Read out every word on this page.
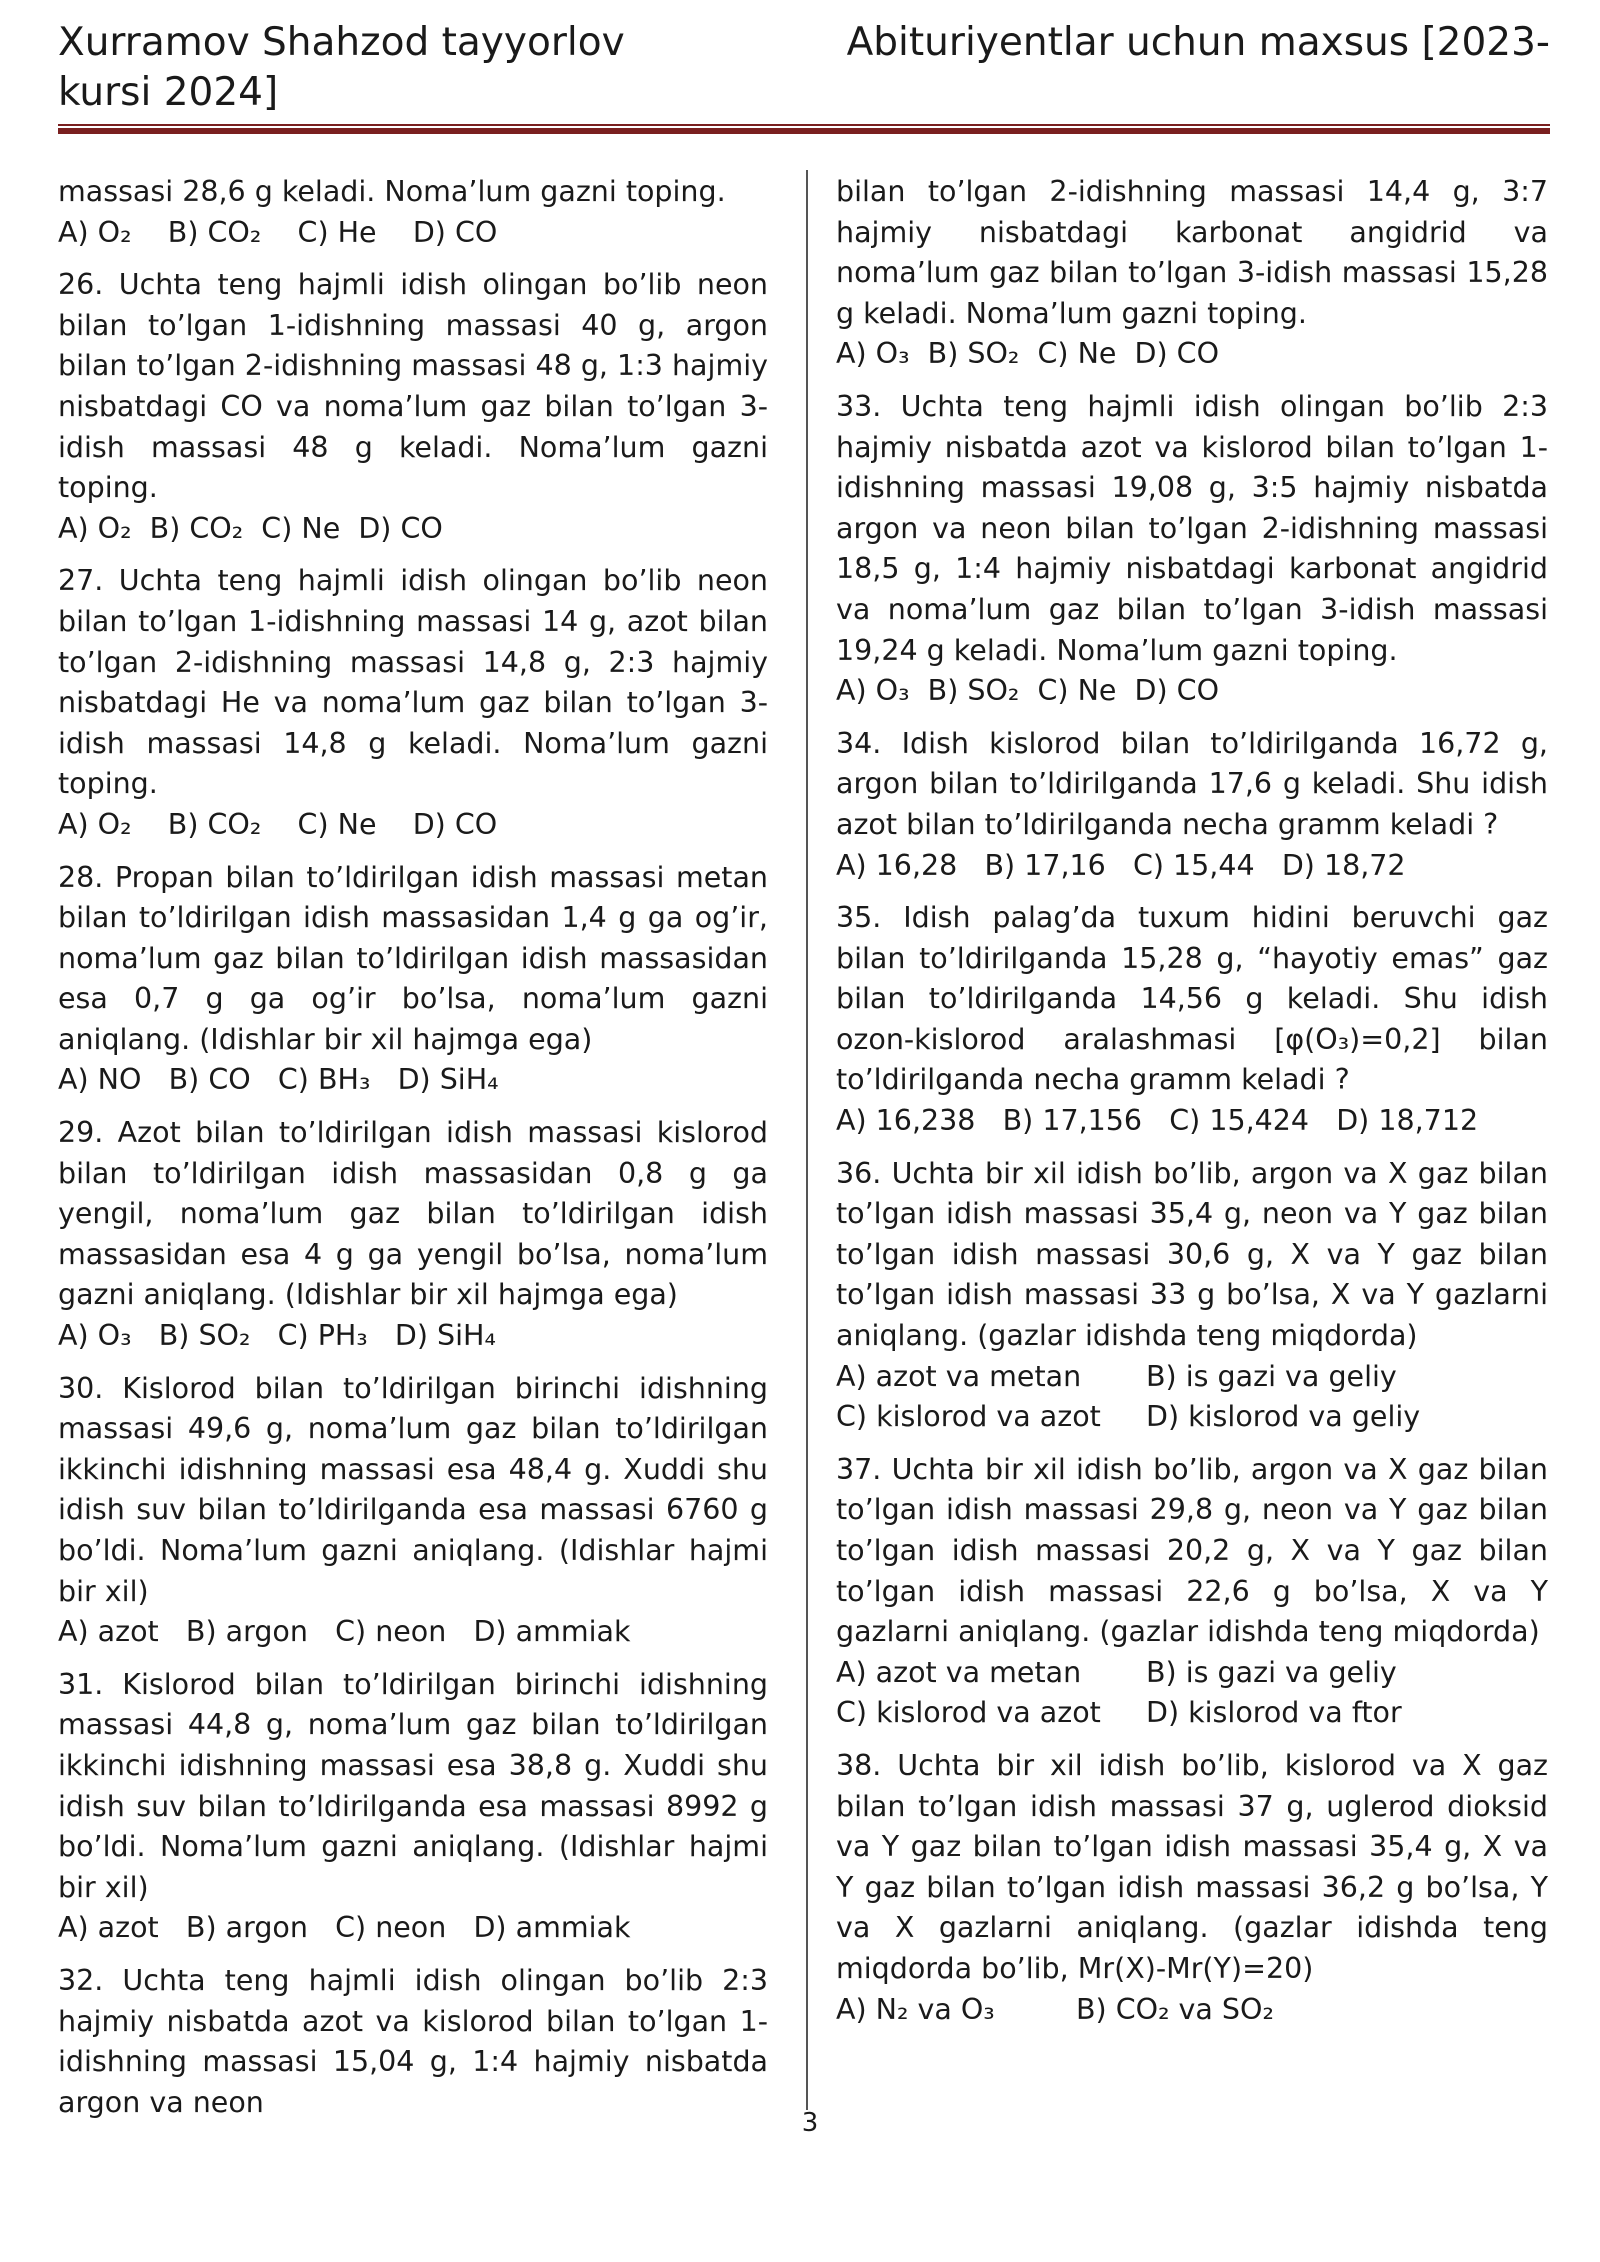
Xurramov Shahzod tayyorlov kursi 2024]
Abituriyentlar uchun maxsus [2023-

massasi 28,6 g keladi. Noma’lum gazni toping.

A) O₂ B) CO₂ C) He D) CO

26. Uchta teng hajmli idish olingan bo’lib neon bilan to’lgan 1-idishning massasi 40 g, argon bilan to’lgan 2-idishning massasi 48 g, 1:3 hajmiy nisbatdagi CO va noma’lum gaz bilan to’lgan 3-idish massasi 48 g keladi. Noma’lum gazni toping.

A) O₂ B) CO₂ C) Ne D) CO

27. Uchta teng hajmli idish olingan bo’lib neon bilan to’lgan 1-idishning massasi 14 g, azot bilan to’lgan 2-idishning massasi 14,8 g, 2:3 hajmiy nisbatdagi He va noma’lum gaz bilan to’lgan 3-idish massasi 14,8 g keladi. Noma’lum gazni toping.

A) O₂ B) CO₂ C) Ne D) CO

28. Propan bilan to’ldirilgan idish massasi metan bilan to’ldirilgan idish massasidan 1,4 g ga og’ir, noma’lum gaz bilan to’ldirilgan idish massasidan esa 0,7 g ga og’ir bo’lsa, noma’lum gazni aniqlang. (Idishlar bir xil hajmga ega)

A) NO B) CO C) BH₃ D) SiH₄

29. Azot bilan to’ldirilgan idish massasi kislorod bilan to’ldirilgan idish massasidan 0,8 g ga yengil, noma’lum gaz bilan to’ldirilgan idish massasidan esa 4 g ga yengil bo’lsa, noma’lum gazni aniqlang. (Idishlar bir xil hajmga ega)

A) O₃ B) SO₂ C) PH₃ D) SiH₄

30. Kislorod bilan to’ldirilgan birinchi idishning massasi 49,6 g, noma’lum gaz bilan to’ldirilgan ikkinchi idishning massasi esa 48,4 g. Xuddi shu idish suv bilan to’ldirilganda esa massasi 6760 g bo’ldi. Noma’lum gazni aniqlang. (Idishlar hajmi bir xil)

A) azot B) argon C) neon D) ammiak

31. Kislorod bilan to’ldirilgan birinchi idishning massasi 44,8 g, noma’lum gaz bilan to’ldirilgan ikkinchi idishning massasi esa 38,8 g. Xuddi shu idish suv bilan to’ldirilganda esa massasi 8992 g bo’ldi. Noma’lum gazni aniqlang. (Idishlar hajmi bir xil)

A) azot B) argon C) neon D) ammiak

32. Uchta teng hajmli idish olingan bo’lib 2:3 hajmiy nisbatda azot va kislorod bilan to’lgan 1-idishning massasi 15,04 g, 1:4 hajmiy nisbatda argon va neon

bilan to’lgan 2-idishning massasi 14,4 g, 3:7 hajmiy nisbatdagi karbonat angidrid va noma’lum gaz bilan to’lgan 3-idish massasi 15,28 g keladi. Noma’lum gazni toping.

A) O₃ B) SO₂ C) Ne D) CO

33. Uchta teng hajmli idish olingan bo’lib 2:3 hajmiy nisbatda azot va kislorod bilan to’lgan 1-idishning massasi 19,08 g, 3:5 hajmiy nisbatda argon va neon bilan to’lgan 2-idishning massasi 18,5 g, 1:4 hajmiy nisbatdagi karbonat angidrid va noma’lum gaz bilan to’lgan 3-idish massasi 19,24 g keladi. Noma’lum gazni toping.

A) O₃ B) SO₂ C) Ne D) CO

34. Idish kislorod bilan to’ldirilganda 16,72 g, argon bilan to’ldirilganda 17,6 g keladi. Shu idish azot bilan to’ldirilganda necha gramm keladi ?

A) 16,28 B) 17,16 C) 15,44 D) 18,72

35. Idish palag’da tuxum hidini beruvchi gaz bilan to’ldirilganda 15,28 g, “hayotiy emas” gaz bilan to’ldirilganda 14,56 g keladi. Shu idish ozon-kislorod aralashmasi [φ(O₃)=0,2] bilan to’ldirilganda necha gramm keladi ?

A) 16,238 B) 17,156 C) 15,424 D) 18,712

36. Uchta bir xil idish bo’lib, argon va X gaz bilan to’lgan idish massasi 35,4 g, neon va Y gaz bilan to’lgan idish massasi 30,6 g, X va Y gaz bilan to’lgan idish massasi 33 g bo’lsa, X va Y gazlarni aniqlang. (gazlar idishda teng miqdorda)

A) azot va metan B) is gazi va geliy

C) kislorod va azot D) kislorod va geliy

37. Uchta bir xil idish bo’lib, argon va X gaz bilan to’lgan idish massasi 29,8 g, neon va Y gaz bilan to’lgan idish massasi 20,2 g, X va Y gaz bilan to’lgan idish massasi 22,6 g bo’lsa, X va Y gazlarni aniqlang. (gazlar idishda teng miqdorda)

A) azot va metan B) is gazi va geliy

C) kislorod va azot D) kislorod va ftor

38. Uchta bir xil idish bo’lib, kislorod va X gaz bilan to’lgan idish massasi 37 g, uglerod dioksid va Y gaz bilan to’lgan idish massasi 35,4 g, X va Y gaz bilan to’lgan idish massasi 36,2 g bo’lsa, Y va X gazlarni aniqlang. (gazlar idishda teng miqdorda bo’lib, Mr(X)-Mr(Y)=20)

A) N₂ va O₃	B) CO₂ va SO₂

3
